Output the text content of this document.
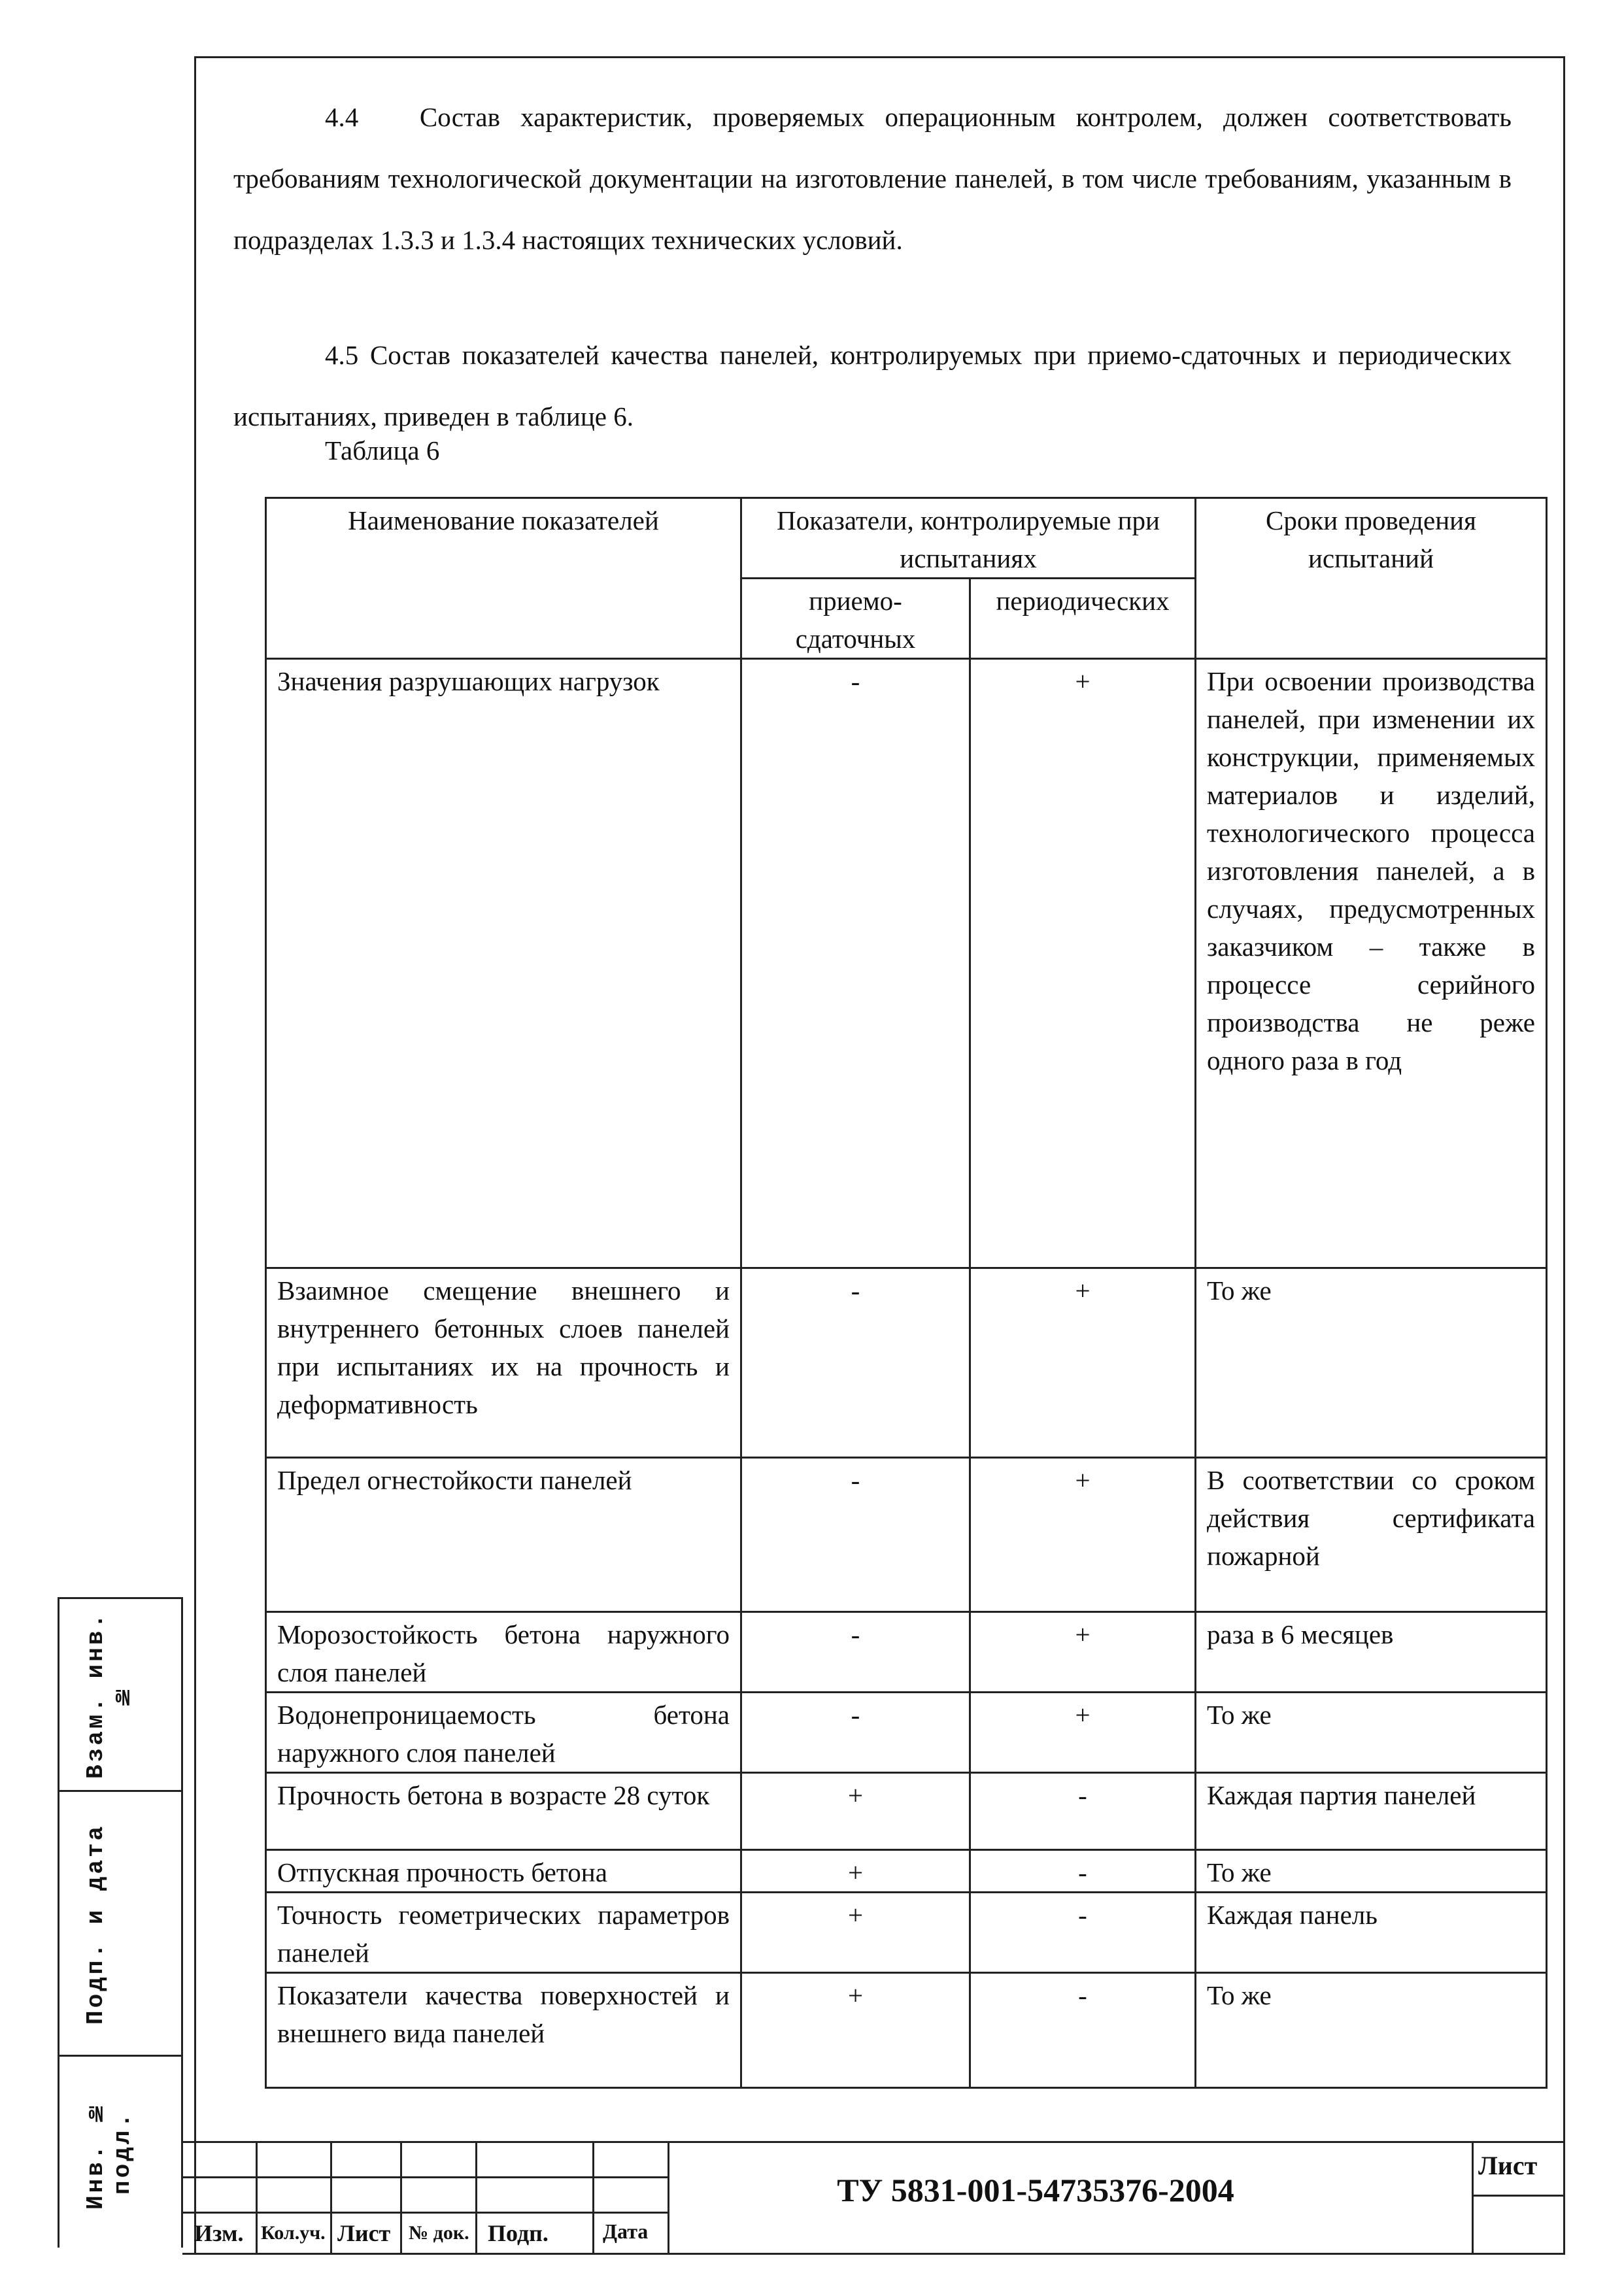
4.4 Состав характеристик, проверяемых операционным контролем, должен соответствовать требованиям технологической документации на изготовление панелей, в том числе требованиям, указанным в подразделах 1.3.3 и 1.3.4 настоящих технических условий.
4.5 Состав показателей качества панелей, контролируемых при приемо-сдаточных и периодических испытаниях, приведен в таблице 6.
Таблица 6
Наименование показателей	Показатели, контролируемые при испытаниях		Сроки проведения испытаний
	приемо-сдаточных	периодических	
Значения разрушающих нагрузок	-	+	При освоении производства панелей, при изменении их конструкции, применяемых материалов и изделий, технологического процесса изготовления панелей, а в случаях, предусмотренных заказчиком – также в процессе серийного производства не реже одного раза в год
Взаимное смещение внешнего и внутреннего бетонных слоев панелей при испытаниях их на прочность и деформативность	-	+	То же
Предел огнестойкости панелей	-	+	В соответствии со сроком действия сертификата пожарной
Морозостойкость бетона наружного слоя панелей	-	+	раза в 6 месяцев
Водонепроницаемость бетона наружного слоя панелей	-	+	То же
Прочность бетона в возрасте 28 суток	+	-	Каждая партия панелей
Отпускная прочность бетона	+	-	То же
Точность геометрических параметров панелей	+	-	Каждая панель
Показатели качества поверхностей и внешнего вида панелей	+	-	То же
Взам. инв. №
Подп. и дата
Инв. № подл.
Изм. Кол.уч. Лист № док. Подп.	Дата
ТУ 5831-001-54735376-2004
Лист
